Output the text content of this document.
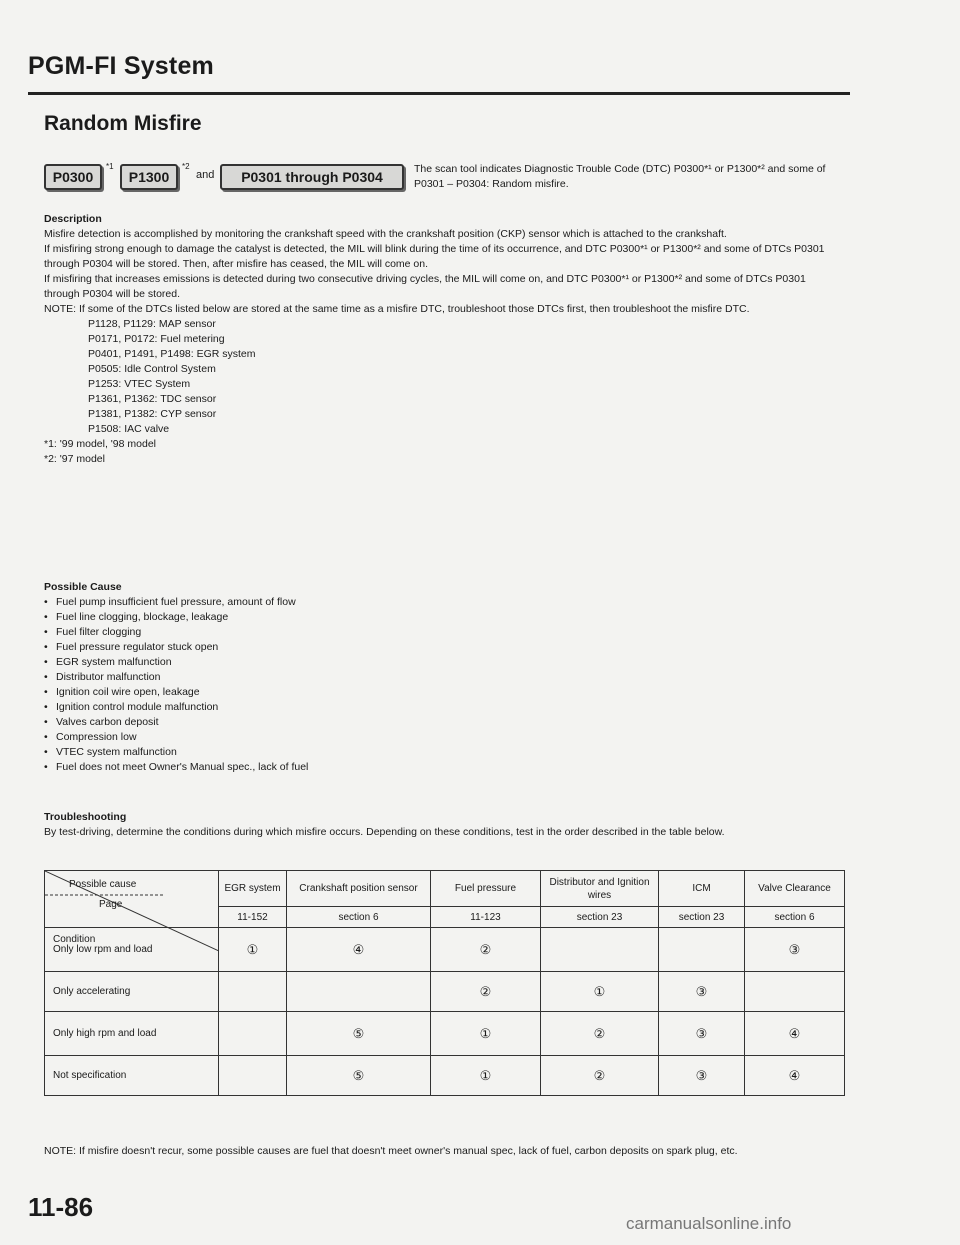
PGM-FI System
Random Misfire
P0300
*1
P1300
*2
and	P0301 through P0304	The scan tool indicates Diagnostic Trouble Code (DTC) P0300*¹ or P1300*² and some of P0301 – P0304: Random misfire.
Description
Misfire detection is accomplished by monitoring the crankshaft speed with the crankshaft position (CKP) sensor which is attached to the crankshaft.
If misfiring strong enough to damage the catalyst is detected, the MIL will blink during the time of its occurrence, and DTC P0300*¹ or P1300*² and some of DTCs P0301 through P0304 will be stored. Then, after misfire has ceased, the MIL will come on.
If misfiring that increases emissions is detected during two consecutive driving cycles, the MIL will come on, and DTC P0300*¹ or P1300*² and some of DTCs P0301 through P0304 will be stored.
NOTE: If some of the DTCs listed below are stored at the same time as a misfire DTC, troubleshoot those DTCs first, then troubleshoot the misfire DTC.
P1128, P1129: MAP sensor
P0171, P0172: Fuel metering
P0401, P1491, P1498: EGR system
P0505: Idle Control System
P1253: VTEC System
P1361, P1362: TDC sensor
P1381, P1382: CYP sensor
P1508: IAC valve
*1: '99 model, '98 model
*2: '97 model
Possible Cause
• Fuel pump insufficient fuel pressure, amount of flow
• Fuel line clogging, blockage, leakage
• Fuel filter clogging
• Fuel pressure regulator stuck open
• EGR system malfunction
• Distributor malfunction
• Ignition coil wire open, leakage
• Ignition control module malfunction
• Valves carbon deposit
• Compression low
• VTEC system malfunction
• Fuel does not meet Owner's Manual spec., lack of fuel
Troubleshooting
By test-driving, determine the conditions during which misfire occurs. Depending on these conditions, test in the order described in the table below.
Possible cause
Page
Condition	EGR system	Crankshaft position sensor	Fuel pressure	Distributor and Ignition wires	ICM	Valve Clearance
	11-152	section 6	11-123	section 23	section 23	section 6
Only low rpm and load	①	④	②			③
Only accelerating			②	①	③	
Only high rpm and load		⑤	①	②	③	④
Not specification		⑤	①	②	③	④
NOTE: If misfire doesn't recur, some possible causes are fuel that doesn't meet owner's manual spec, lack of fuel, carbon deposits on spark plug, etc.
11-86
carmanualsonline.info
